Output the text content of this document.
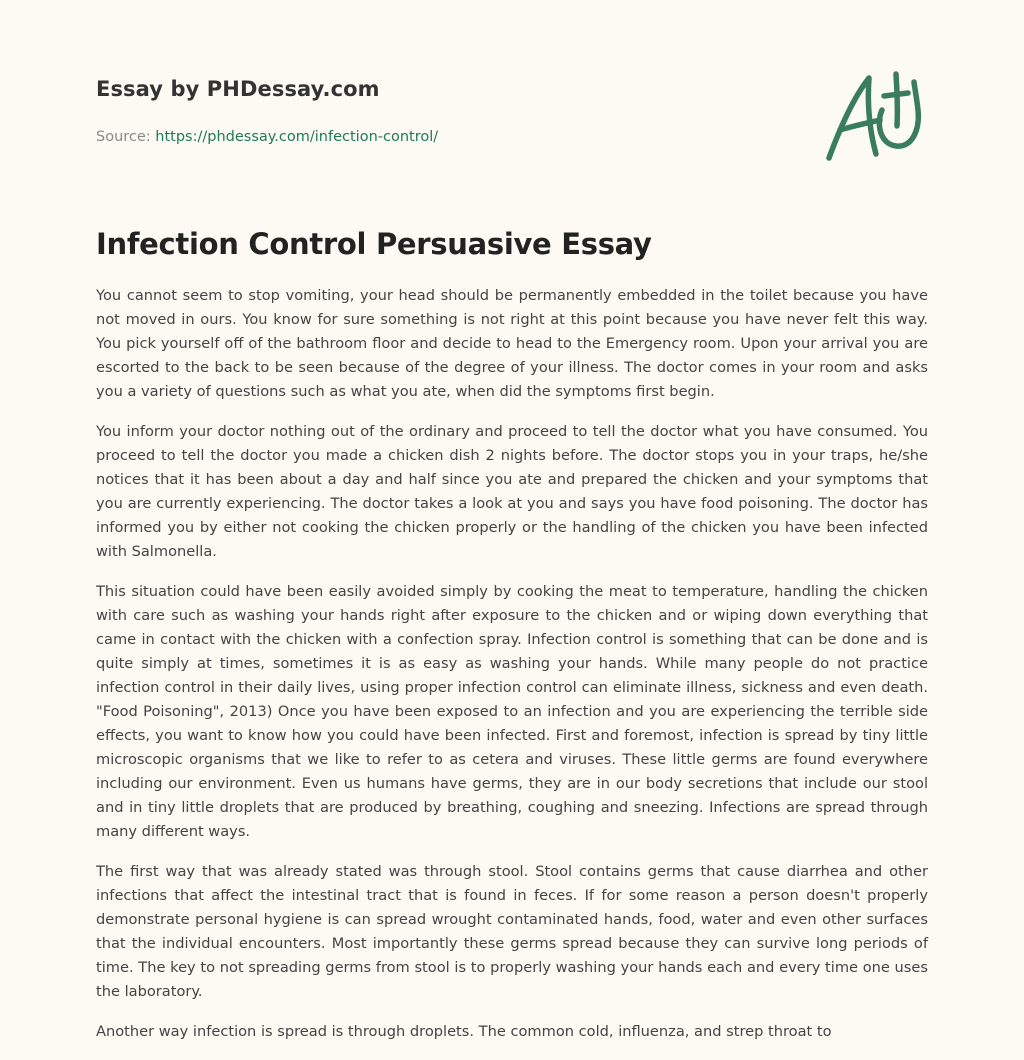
Essay by PHDessay.com
Source: https://phdessay.com/infection-control/
Infection Control Persuasive Essay

You cannot seem to stop vomiting, your head should be permanently embedded in the toilet because you have not moved in ours. You know for sure something is not right at this point because you have never felt this way. You pick yourself off of the bathroom floor and decide to head to the Emergency room. Upon your arrival you are escorted to the back to be seen because of the degree of your illness. The doctor comes in your room and asks you a variety of questions such as what you ate, when did the symptoms first begin.

You inform your doctor nothing out of the ordinary and proceed to tell the doctor what you have consumed. You proceed to tell the doctor you made a chicken dish 2 nights before. The doctor stops you in your traps, he/she notices that it has been about a day and half since you ate and prepared the chicken and your symptoms that you are currently experiencing. The doctor takes a look at you and says you have food poisoning. The doctor has informed you by either not cooking the chicken properly or the handling of the chicken you have been infected with Salmonella.

This situation could have been easily avoided simply by cooking the meat to temperature, handling the chicken with care such as washing your hands right after exposure to the chicken and or wiping down everything that came in contact with the chicken with a confection spray. Infection control is something that can be done and is quite simply at times, sometimes it is as easy as washing your hands. While many people do not practice infection control in their daily lives, using proper infection control can eliminate illness, sickness and even death. "Food Poisoning", 2013) Once you have been exposed to an infection and you are experiencing the terrible side effects, you want to know how you could have been infected. First and foremost, infection is spread by tiny little microscopic organisms that we like to refer to as cetera and viruses. These little germs are found everywhere including our environment. Even us humans have germs, they are in our body secretions that include our stool and in tiny little droplets that are produced by breathing, coughing and sneezing. Infections are spread through many different ways.

The first way that was already stated was through stool. Stool contains germs that cause diarrhea and other infections that affect the intestinal tract that is found in feces. If for some reason a person doesn't properly demonstrate personal hygiene is can spread wrought contaminated hands, food, water and even other surfaces that the individual encounters. Most importantly these germs spread because they can survive long periods of time. The key to not spreading germs from stool is to properly washing your hands each and every time one uses the laboratory.

Another way infection is spread is through droplets. The common cold, influenza, and strep throat to
